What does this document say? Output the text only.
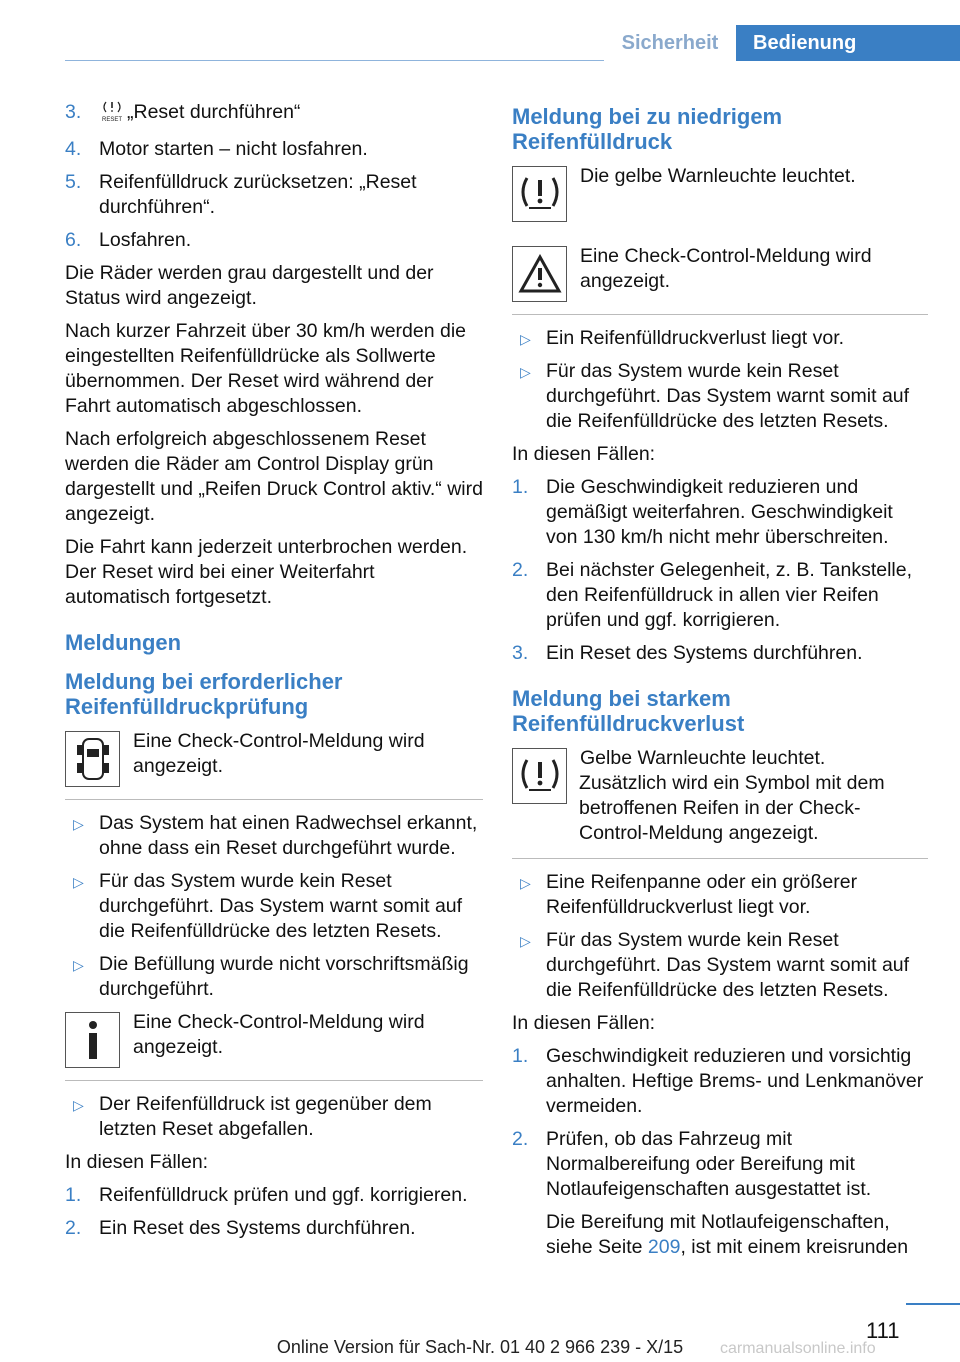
Sicherheit	Bedienung
3.	RESET „Reset durchführen“
4. Motor starten – nicht losfahren.
5. Reifenfülldruck zurücksetzen: „Reset durchführen“.
6. Losfahren.

Die Räder werden grau dargestellt und der Status wird angezeigt.

Nach kurzer Fahrzeit über 30 km/h werden die eingestellten Reifenfülldrücke als Sollwerte übernommen. Der Reset wird während der Fahrt automatisch abgeschlossen.

Nach erfolgreich abgeschlossenem Reset werden die Räder am Control Display grün dargestellt und „Reifen Druck Control aktiv.“ wird angezeigt.

Die Fahrt kann jederzeit unterbrochen werden. Der Reset wird bei einer Weiterfahrt automatisch fortgesetzt.

Meldungen
Meldung bei erforderlicher Reifenfülldruckprüfung
Eine Check-Control-Meldung wird angezeigt.
▷ Das System hat einen Radwechsel erkannt, ohne dass ein Reset durchgeführt wurde.
▷ Für das System wurde kein Reset durchgeführt. Das System warnt somit auf die Reifenfülldrücke des letzten Resets.
▷ Die Befüllung wurde nicht vorschriftsmäßig durchgeführt.
Eine Check-Control-Meldung wird angezeigt.
▷ Der Reifenfülldruck ist gegenüber dem letzten Reset abgefallen.

In diesen Fällen:

1. Reifenfülldruck prüfen und ggf. korrigieren.
2. Ein Reset des Systems durchführen.
Meldung bei zu niedrigem Reifenfülldruck
Die gelbe Warnleuchte leuchtet.
Eine Check-Control-Meldung wird angezeigt.
▷ Ein Reifenfülldruckverlust liegt vor.
▷ Für das System wurde kein Reset durchgeführt. Das System warnt somit auf die Reifenfülldrücke des letzten Resets.

In diesen Fällen:

1. Die Geschwindigkeit reduzieren und gemäßigt weiterfahren. Geschwindigkeit von 130 km/h nicht mehr überschreiten.
2. Bei nächster Gelegenheit, z. B. Tankstelle, den Reifenfülldruck in allen vier Reifen prüfen und ggf. korrigieren.
3. Ein Reset des Systems durchführen.
Meldung bei starkem Reifenfülldruckverlust

Gelbe Warnleuchte leuchtet.

Zusätzlich wird ein Symbol mit dem betroffenen Reifen in der Check-Control-Meldung angezeigt.

▷ Eine Reifenpanne oder ein größerer Reifenfülldruckverlust liegt vor.
▷ Für das System wurde kein Reset durchgeführt. Das System warnt somit auf die Reifenfülldrücke des letzten Resets.

In diesen Fällen:

1. Geschwindigkeit reduzieren und vorsichtig anhalten. Heftige Brems- und Lenkmanöver vermeiden.
2. Prüfen, ob das Fahrzeug mit Normalbereifung oder Bereifung mit Notlaufeigenschaften ausgestattet ist.
Die Bereifung mit Notlaufeigenschaften, siehe Seite 209, ist mit einem kreisrunden
111
Online Version für Sach-Nr. 01 40 2 966 239 - X/15	carmanualsonline.info
